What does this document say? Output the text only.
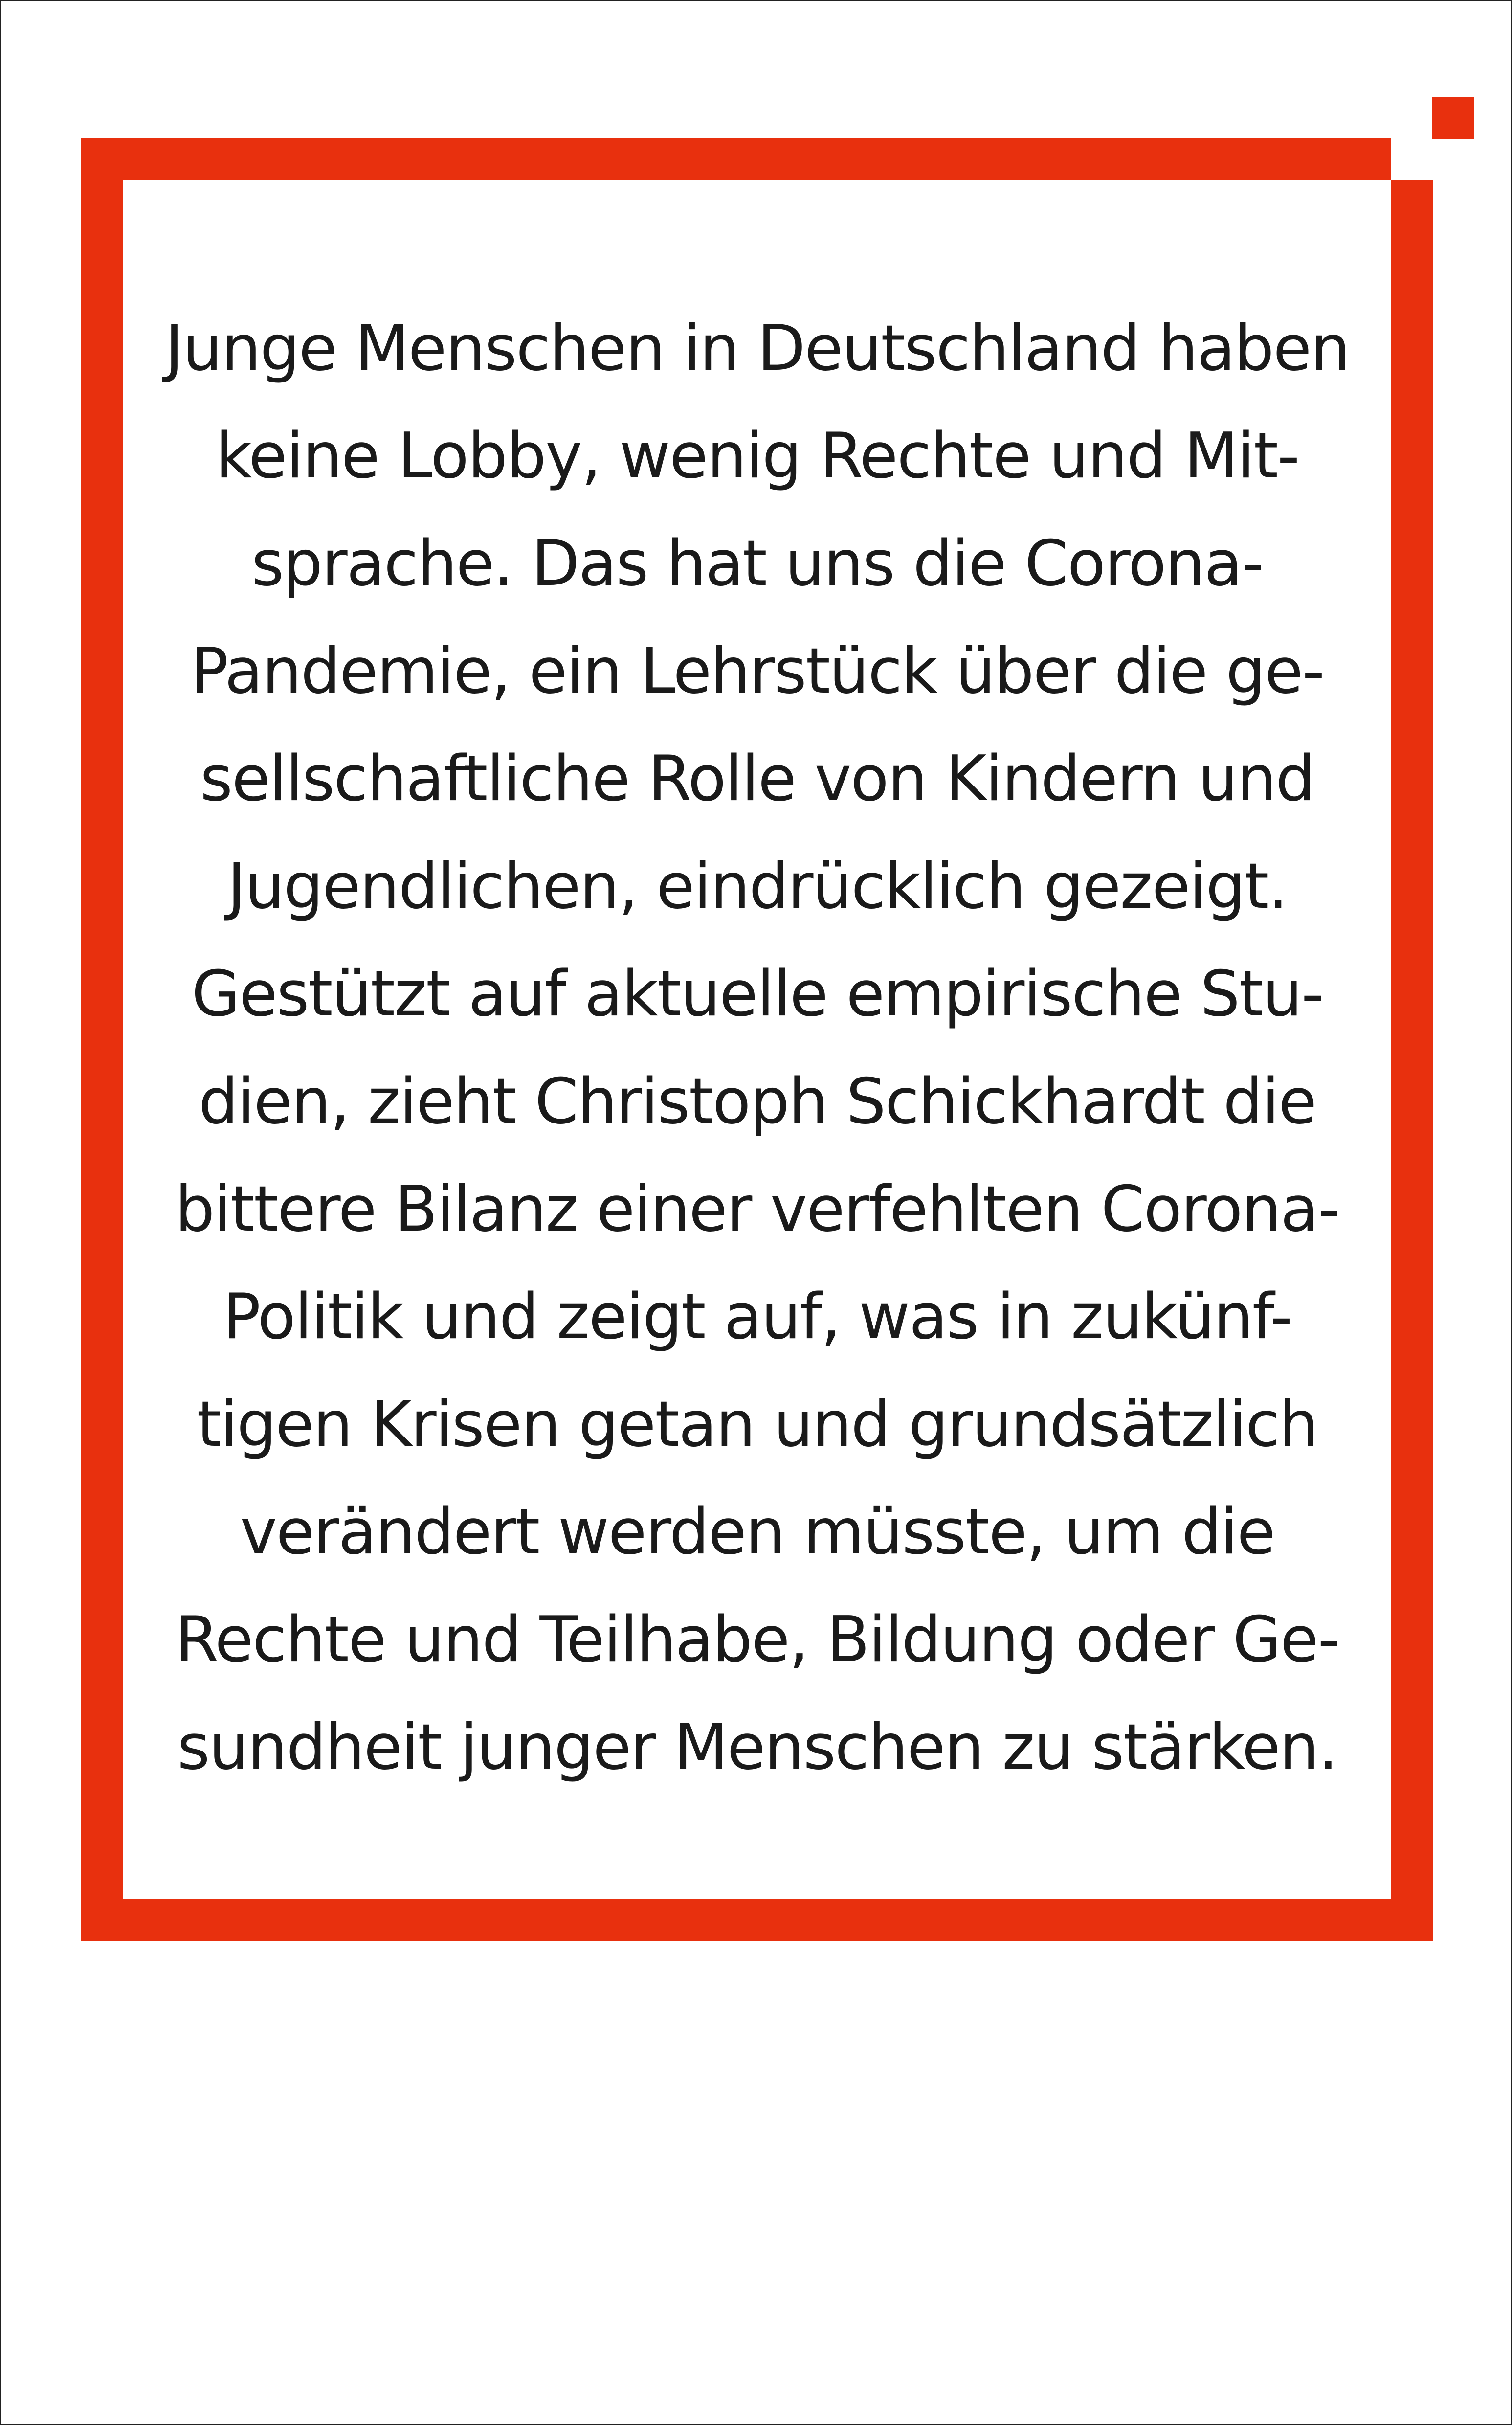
Junge Menschen in Deutschland haben
keine Lobby, wenig Rechte und Mit-
sprache. Das hat uns die Corona-
Pandemie, ein Lehrstück über die ge-
sellschaftliche Rolle von Kindern und
Jugendlichen, eindrücklich gezeigt.
Gestützt auf aktuelle empirische Stu-
dien, zieht Christoph Schickhardt die
bittere Bilanz einer verfehlten Corona-
Politik und zeigt auf, was in zukünf-
tigen Krisen getan und grundsätzlich
verändert werden müsste, um die
Rechte und Teilhabe, Bildung oder Ge-
sundheit junger Menschen zu stärken.
